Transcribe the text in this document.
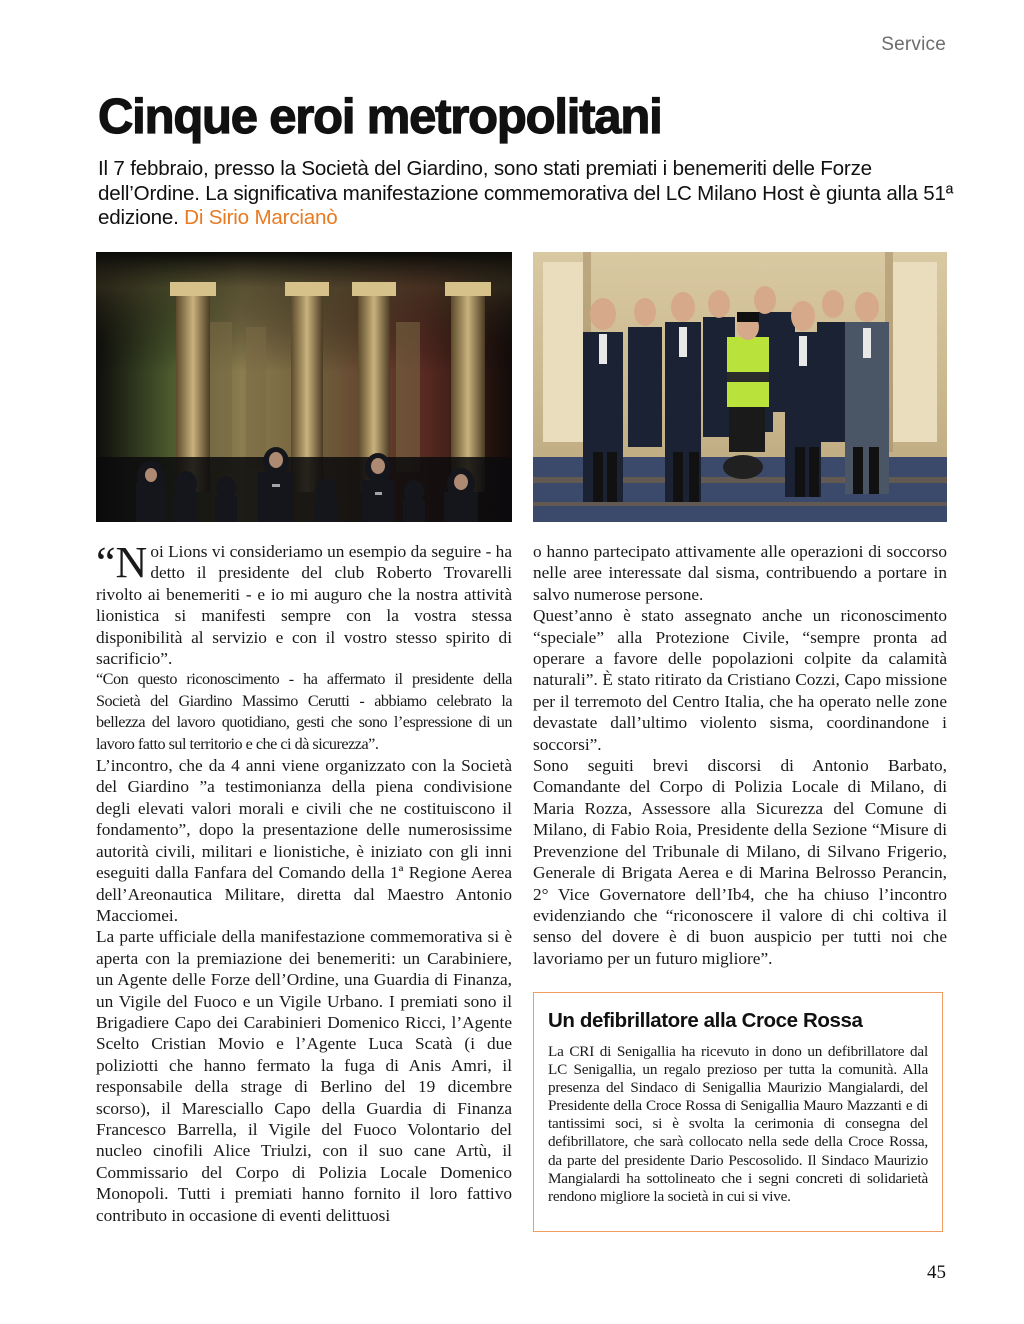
Service
Cinque eroi metropolitani

Il 7 febbraio, presso la Società del Giardino, sono stati premiati i benemeriti delle Forze dell’Ordine. La significativa manifestazione commemorativa del LC Milano Host è giunta alla 51ª edizione. Di Sirio Marcianò

“Noi Lions vi consideriamo un esempio da seguire - ha detto il presidente del club Roberto Trovarelli rivolto ai benemeriti - e io mi auguro che la nostra attività lionistica si manifesti sempre con la vostra stessa disponibilità al servizio e con il vostro stesso spirito di sacrificio”.

“Con questo riconoscimento - ha affermato il presidente della Società del Giardino Massimo Cerutti - abbiamo celebrato la bellezza del lavoro quotidiano, gesti che sono l’espressione di un lavoro fatto sul territorio e che ci dà sicurezza”.

L’incontro, che da 4 anni viene organizzato con la Società del Giardino ”a testimonianza della piena condivisione degli elevati valori morali e civili che ne costituiscono il fondamento”, dopo la presentazione delle numerosissime autorità civili, militari e lionistiche, è iniziato con gli inni eseguiti dalla Fanfara del Comando della 1ª Regione Aerea dell’Areonautica Militare, diretta dal Maestro Antonio Macciomei.

La parte ufficiale della manifestazione commemorativa si è aperta con la premiazione dei benemeriti: un Carabiniere, un Agente delle Forze dell’Ordine, una Guardia di Finanza, un Vigile del Fuoco e un Vigile Urbano. I premiati sono il Brigadiere Capo dei Carabinieri Domenico Ricci, l’Agente Scelto Cristian Movio e l’Agente Luca Scatà (i due poliziotti che hanno fermato la fuga di Anis Amri, il responsabile della strage di Berlino del 19 dicembre scorso), il Maresciallo Capo della Guardia di Finanza Francesco Barrella, il Vigile del Fuoco Volontario del nucleo cinofili Alice Triulzi, con il suo cane Artù, il Commissario del Corpo di Polizia Locale Domenico Monopoli. Tutti i premiati hanno fornito il loro fattivo contributo in occasione di eventi delittuosi

o hanno partecipato attivamente alle operazioni di soccorso nelle aree interessate dal sisma, contribuendo a portare in salvo numerose persone.

Quest’anno è stato assegnato anche un riconoscimento “speciale” alla Protezione Civile, “sempre pronta ad operare a favore delle popolazioni colpite da calamità naturali”. È stato ritirato da Cristiano Cozzi, Capo missione per il terremoto del Centro Italia, che ha operato nelle zone devastate dall’ultimo violento sisma, coordinandone i soccorsi”.

Sono seguiti brevi discorsi di Antonio Barbato, Comandante del Corpo di Polizia Locale di Milano, di Maria Rozza, Assessore alla Sicurezza del Comune di Milano, di Fabio Roia, Presidente della Sezione “Misure di Prevenzione del Tribunale di Milano, di Silvano Frigerio, Generale di Brigata Aerea e di Marina Belrosso Perancin, 2° Vice Governatore dell’Ib4, che ha chiuso l’incontro evidenziando che “riconoscere il valore di chi coltiva il senso del dovere è di buon auspicio per tutti noi che lavoriamo per un futuro migliore”.

Un defibrillatore alla Croce Rossa

La CRI di Senigallia ha ricevuto in dono un defibrillatore dal LC Senigallia, un regalo prezioso per tutta la comunità. Alla presenza del Sindaco di Senigallia Maurizio Mangialardi, del Presidente della Croce Rossa di Senigallia Mauro Mazzanti e di tantissimi soci, si è svolta la cerimonia di consegna del defibrillatore, che sarà collocato nella sede della Croce Rossa, da parte del presidente Dario Pescosolido. Il Sindaco Maurizio Mangialardi ha sottolineato che i segni concreti di solidarietà rendono migliore la società in cui si vive.

45
